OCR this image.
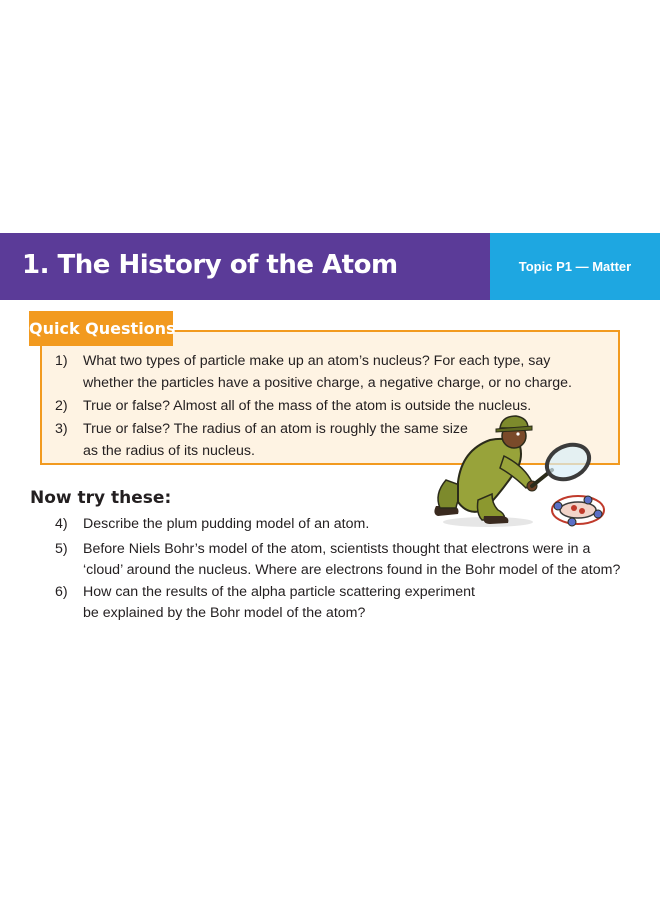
1. The History of the Atom	Topic P1 — Matter
Quick Questions
1) What two types of particle make up an atom’s nucleus? For each type, say
whether the particles have a positive charge, a negative charge, or no charge.
2) True or false? Almost all of the mass of the atom is outside the nucleus.
3) True or false? The radius of an atom is roughly the same size
as the radius of its nucleus.
Now try these:
4) Describe the plum pudding model of an atom.
5) Before Niels Bohr’s model of the atom, scientists thought that electrons were in a
‘cloud’ around the nucleus. Where are electrons found in the Bohr model of the atom?
6) How can the results of the alpha particle scattering experiment
be explained by the Bohr model of the atom?
